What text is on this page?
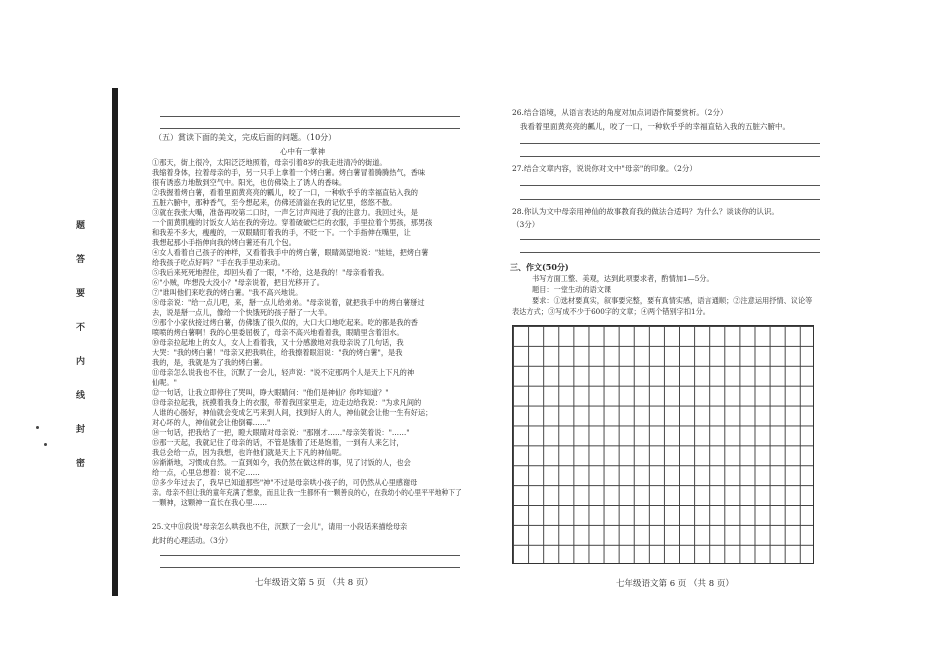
题
答
要
不
内
线
封
密
（五）賞读下面的美文，完成后面的问题。（10分）
心中有一掌神
①那天，街上很冷，太阳泛泛地照着，母亲引着8岁的我走进清冷的街道。
我缩着身体，拉着母亲的手，另一只手上拿着一个烤白薯。烤白薯冒着腾腾热气，香味
很有诱惑力地散到空气中。阳光，也仿佛染上了诱人的香味。
②我握着烤白薯，看着里面黄亮亮的瓤儿，咬了一口，一种软乎乎的幸福直钻入我的
五脏六腑中，那种香气，至今想起来，仿佛还清溢在我的记忆里，悠悠不散。
③就在我张大嘴，准备再咬第二口时，一声乞讨声闯进了我的注意力。我回过头，是
一个面黄肌瘦的讨饭女人站在我的旁边。穿着破破烂烂的衣服，手里拉着个男孩，那男孩
和我差不多大，瘦瘦的，一双眼睛盯着我的手，不眨一下。一个手指伸在嘴里，让
我想起那小手指伸向我的烤白薯还有几个包。
④女人看着自己孩子的神样，又看着我手中的烤白薯，眼睛渴望地说："娃娃，把烤白薯
给我孩子吃点好吗？"手在我手里动来动。
⑤我后来死死地捏住，却回头看了一眼，"不给，这是我的！"母亲看着我。
⑥"小贼，咋想没大没小？"母亲说着，把目光移开了。
⑦"谁叫他们来吃我的烤白薯。"我不高兴地说。
⑧母亲说："给一点儿吧，来，掰一点儿给弟弟。"母亲说着，就把我手中的烤白薯掰过
去，说是掰一点儿，像给一个快饿死的孩子掰了一大半。
⑨那个小家伙接过烤白薯，仿佛饿了很久似的，大口大口地吃起来。吃的都是我的香
喷喷的烤白薯啊！我的心里委屈极了，母亲不高兴地看着我，眼睛里含着泪水。
⑩母亲拉起地上的女人，女人上看着我，又十分感激地对我母亲说了几句话，我
大哭："我的烤白薯！"母亲又把我哄住，给我擦着眼泪说："我的烤白薯"，是我
我的，是，我就是为了我的烤白薯。
⑪母亲怎么说我也不住，沉默了一会儿，轻声说："说不定那两个人是天上下凡的神
仙呢。"
⑫一句话，让我立即停住了哭叫，睁大眼睛问："他们是神仙？你咋知道？"
⑬母亲拉起我，抚摸着我身上的衣服，带着我回家里走，边走边给我说："为求凡间的
人谁的心肠好，神仙就会变成乞丐来到人间，找到好人的人，神仙就会让他一生有好运；
对心坏的人，神仙就会让他倒霉……"
⑭一句话，把我给了一把，瞪大眼睛对母亲说："那刚才……"母亲笑着说："……"
⑮那一天起，我就记住了母亲的话，不管是饿着了还是饱着，一到有人来乞讨，
我总会给一点，因为我想，也许他们就是天上下凡的神仙呢。
⑯渐渐地，习惯成自然。一直到如今，我仍然在做这样的事，见了讨饭的人，也会
给一点，心里总想着：说不定……
⑰多少年过去了，我早已知道那些"神"不过是母亲哄小孩子的，可仍然从心里感谢母
亲。母亲不但让我的童年充满了想象，而且让我一生都怀有一颗善良的心，在我幼小的心里平平地种下了
一颗神，这颗神一直长在我心里……
25.文中⑪段说"母亲怎么哄我也不住，沉默了一会儿"，请用一小段话来描绘母亲
此时的心理活动。（3分）
七年级语文第 5 页 （共 8 页）
26.结合语境，从语言表达的角度对加点词语作简要赏析。（2分）
我看着里面黄亮亮的瓤儿，咬了一口，一种软乎乎的幸福直钻入我的五脏六腑中。
27.结合文章内容，说说你对文中"母亲"的印象。（2分）
28.你认为文中母亲用神仙的故事教育我的做法合适吗？为什么？谈谈你的认识。
（3分）
三、作文(50分)
书写方面工整、美观，达到此项要求者，酌情加1—5分。
题目：一堂生动的语文课
要求：①选材要真实，叙事要完整，要有真情实感，语言通顺；②注意运用抒情、议论等
表达方式；③写成不少于600字的文章；④两个错别字扣1分。
七年级语文第 6 页 （共 8 页）
